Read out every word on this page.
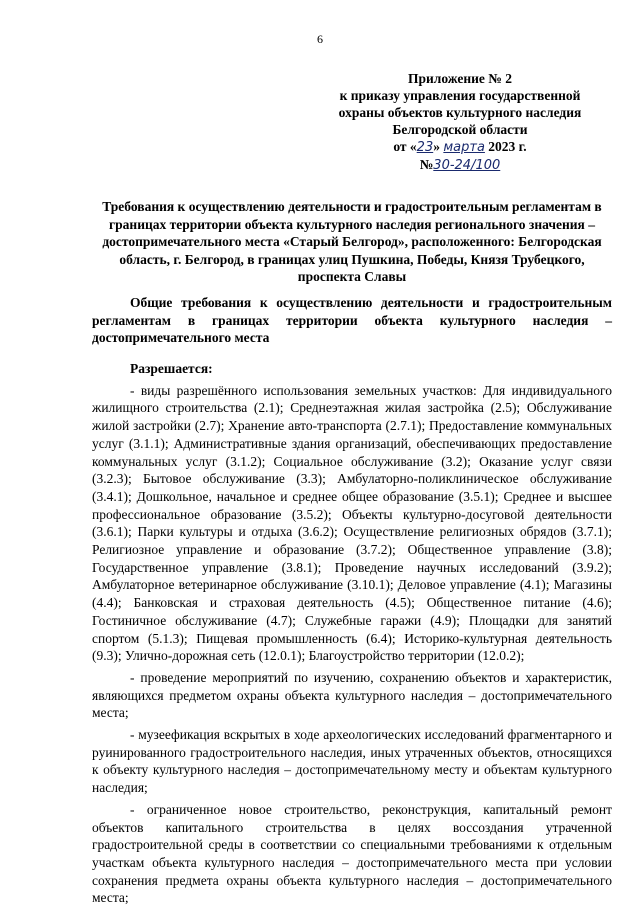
6
Приложение № 2
к приказу управления государственной
охраны объектов культурного наследия
Белгородской области
от «23» марта 2023 г.
№30-24/100
Требования к осуществлению деятельности и градостроительным регламентам в границах территории объекта культурного наследия регионального значения – достопримечательного места «Старый Белгород», расположенного: Белгородская область, г. Белгород, в границах улиц Пушкина, Победы, Князя Трубецкого, проспекта Славы
Общие требования к осуществлению деятельности и градостроительным регламентам в границах территории объекта культурного наследия – достопримечательного места

Разрешается:

- виды разрешённого использования земельных участков: Для индивидуального жилищного строительства (2.1); Среднеэтажная жилая застройка (2.5); Обслуживание жилой застройки (2.7); Хранение авто-транспорта (2.7.1); Предоставление коммунальных услуг (3.1.1); Административные здания организаций, обеспечивающих предоставление коммунальных услуг (3.1.2); Социальное обслуживание (3.2); Оказание услуг связи (3.2.3); Бытовое обслуживание (3.3); Амбулаторно-поликлиническое обслуживание (3.4.1); Дошкольное, начальное и среднее общее образование (3.5.1); Среднее и высшее профессиональное образование (3.5.2); Объекты культурно-досуговой деятельности (3.6.1); Парки культуры и отдыха (3.6.2); Осуществление религиозных обрядов (3.7.1); Религиозное управление и образование (3.7.2); Общественное управление (3.8); Государственное управление (3.8.1); Проведение научных исследований (3.9.2); Амбулаторное ветеринарное обслуживание (3.10.1); Деловое управление (4.1); Магазины (4.4); Банковская и страховая деятельность (4.5); Общественное питание (4.6); Гостиничное обслуживание (4.7); Служебные гаражи (4.9); Площадки для занятий спортом (5.1.3); Пищевая промышленность (6.4); Историко-культурная деятельность (9.3); Улично-дорожная сеть (12.0.1); Благоустройство территории (12.0.2);

- проведение мероприятий по изучению, сохранению объектов и характеристик, являющихся предметом охраны объекта культурного наследия – достопримечательного места;

- музеефикация вскрытых в ходе археологических исследований фрагментарного и руинированного градостроительного наследия, иных утраченных объектов, относящихся к объекту культурного наследия – достопримечательному месту и объектам культурного наследия;

- ограниченное новое строительство, реконструкция, капитальный ремонт объектов капитального строительства в целях воссоздания утраченной градостроительной среды в соответствии со специальными требованиями к отдельным участкам объекта культурного наследия – достопримечательного места при условии сохранения предмета охраны объекта культурного наследия – достопримечательного места;
